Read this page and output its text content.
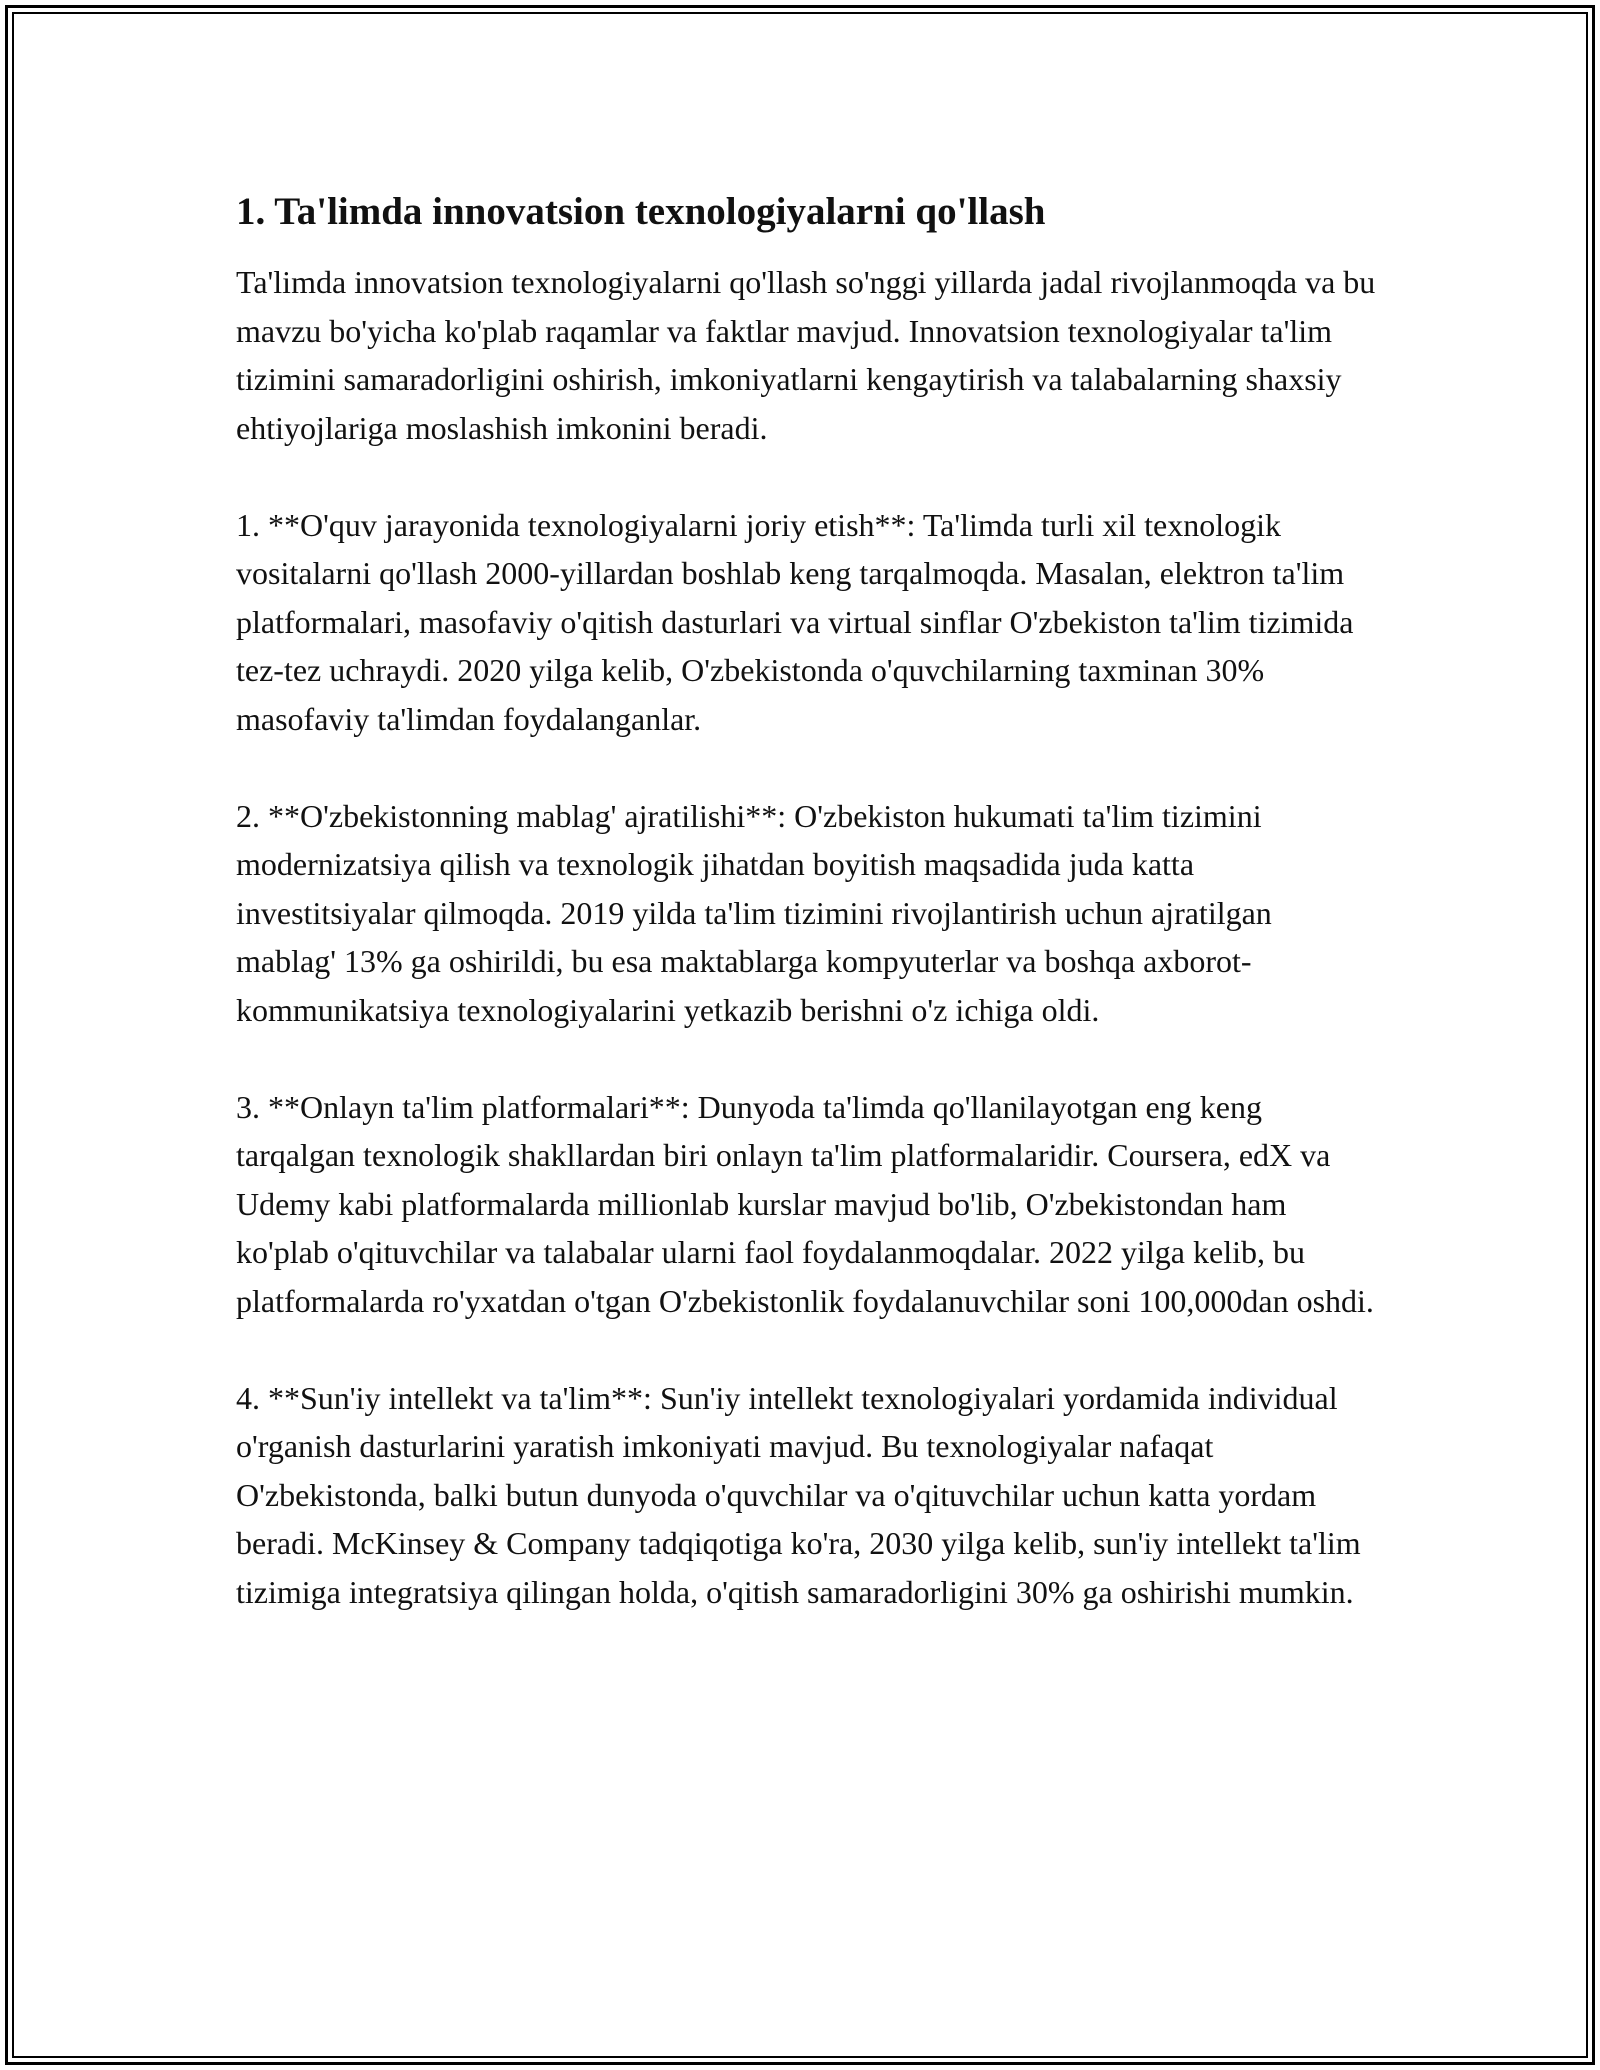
1. Ta'limda innovatsion texnologiyalarni qo'llash

Ta'limda innovatsion texnologiyalarni qo'llash so'nggi yillarda jadal rivojlanmoqda va bu mavzu bo'yicha ko'plab raqamlar va faktlar mavjud. Innovatsion texnologiyalar ta'lim tizimini samaradorligini oshirish, imkoniyatlarni kengaytirish va talabalarning shaxsiy ehtiyojlariga moslashish imkonini beradi.

1. **O'quv jarayonida texnologiyalarni joriy etish**: Ta'limda turli xil texnologik vositalarni qo'llash 2000-yillardan boshlab keng tarqalmoqda. Masalan, elektron ta'lim platformalari, masofaviy o'qitish dasturlari va virtual sinflar O'zbekiston ta'lim tizimida tez-tez uchraydi. 2020 yilga kelib, O'zbekistonda o'quvchilarning taxminan 30% masofaviy ta'limdan foydalanganlar.

2. **O'zbekistonning mablag' ajratilishi**: O'zbekiston hukumati ta'lim tizimini modernizatsiya qilish va texnologik jihatdan boyitish maqsadida juda katta investitsiyalar qilmoqda. 2019 yilda ta'lim tizimini rivojlantirish uchun ajratilgan mablag' 13% ga oshirildi, bu esa maktablarga kompyuterlar va boshqa axborot-kommunikatsiya texnologiyalarini yetkazib berishni o'z ichiga oldi.

3. **Onlayn ta'lim platformalari**: Dunyoda ta'limda qo'llanilayotgan eng keng tarqalgan texnologik shakllardan biri onlayn ta'lim platformalaridir. Coursera, edX va Udemy kabi platformalarda millionlab kurslar mavjud bo'lib, O'zbekistondan ham ko'plab o'qituvchilar va talabalar ularni faol foydalanmoqdalar. 2022 yilga kelib, bu platformalarda ro'yxatdan o'tgan O'zbekistonlik foydalanuvchilar soni 100,000dan oshdi.

4. **Sun'iy intellekt va ta'lim**: Sun'iy intellekt texnologiyalari yordamida individual o'rganish dasturlarini yaratish imkoniyati mavjud. Bu texnologiyalar nafaqat O'zbekistonda, balki butun dunyoda o'quvchilar va o'qituvchilar uchun katta yordam beradi. McKinsey & Company tadqiqotiga ko'ra, 2030 yilga kelib, sun'iy intellekt ta'lim tizimiga integratsiya qilingan holda, o'qitish samaradorligini 30% ga oshirishi mumkin.
